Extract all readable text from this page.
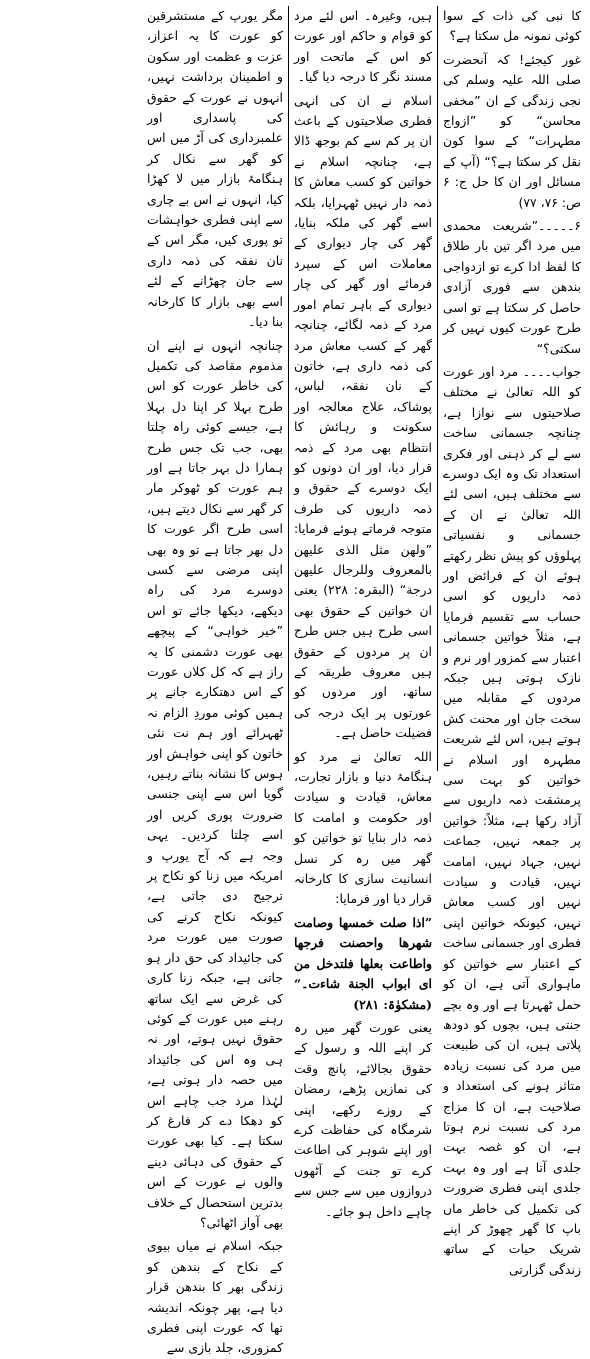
کا نبی کی ذات کے سوا کوئی نمونہ مل سکتا ہے؟

غور کیجئے! کہ آنحضرت صلی اللہ علیہ وسلم کی نجی زندگی کے ان ”مخفی محاسن“ کو ”ازواج مطہرات“ کے سوا کون نقل کر سکتا ہے؟“ (آپ کے مسائل اور ان کا حل ج: ۶ ص: ۷۶، ۷۷)

۶۔۔۔۔۔”شریعت محمدی میں مرد اگر تین بار طلاق کا لفظ ادا کرے تو ازدواجی بندھن سے فوری آزادی حاصل کر سکتا ہے تو اسی طرح عورت کیوں نہیں کر سکتی؟“

جواب۔۔۔۔ مرد اور عورت کو اللہ تعالیٰ نے مختلف صلاحیتوں سے نوازا ہے، چنانچہ جسمانی ساخت سے لے کر ذہنی اور فکری استعداد تک وہ ایک دوسرے سے مختلف ہیں، اسی لئے اللہ تعالیٰ نے ان کے جسمانی و نفسیاتی پہلوؤں کو پیش نظر رکھتے ہوئے ان کے فرائض اور ذمہ داریوں کو اسی حساب سے تقسیم فرمایا ہے، مثلاً خواتین جسمانی اعتبار سے کمزور اور نرم و نازک ہوتی ہیں جبکہ مردوں کے مقابلہ میں سخت جان اور محنت کش ہوتے ہیں، اس لئے شریعت مطہرہ اور اسلام نے خواتین کو بہت سی پرمشقت ذمہ داریوں سے آزاد رکھا ہے، مثلاً: خواتین پر جمعہ نہیں، جماعت نہیں، جہاد نہیں، امامت نہیں، قیادت و سیادت نہیں اور کسب معاش نہیں، کیونکہ خواتین اپنی فطری اور جسمانی ساخت کے اعتبار سے خواتین کو ماہواری آتی ہے، ان کو حمل ٹھہرتا ہے اور وہ بچے جنتی ہیں، بچوں کو دودھ پلاتی ہیں، ان کی طبیعت میں مرد کی نسبت زیادہ متاثر ہونے کی استعداد و صلاحیت ہے، ان کا مزاج مرد کی نسبت نرم ہوتا ہے، ان کو غصہ بہت جلدی آتا ہے اور وہ بہت جلدی اپنی فطری ضرورت کی تکمیل کی خاطر ماں باپ کا گھر چھوڑ کر اپنے شریک حیات کے ساتھ زندگی گزارتی

ہیں، وغیرہ۔ اس لئے مرد کو قوام و حاکم اور عورت کو اس کے ماتحت اور مسند نگر کا درجہ دیا گیا۔

اسلام نے ان کی انہی فطری صلاحیتوں کے باعث ان پر کم سے کم بوجھ ڈالا ہے، چنانچہ اسلام نے خواتین کو کسب معاش کا ذمہ دار نہیں ٹھہرایا، بلکہ اسے گھر کی ملکہ بنایا، گھر کی چار دیواری کے معاملات اس کے سپرد فرمائے اور گھر کی چار دیواری کے باہر تمام امور مرد کے ذمہ لگائے، چنانچہ گھر کے کسب معاش مرد کی ذمہ داری ہے، خاتون کے نان نفقہ، لباس، پوشاک، علاج معالجہ اور سکونت و رہائش کا انتظام بھی مرد کے ذمہ قرار دیا، اور ان دونوں کو ایک دوسرے کے حقوق و ذمہ داریوں کی طرف متوجہ فرماتے ہوئے فرمایا: ”ولهن مثل الذی علیهن بالمعروف وللرجال علیهن درجة“ (البقرہ: ۲۲۸) یعنی ان خواتین کے حقوق بھی اسی طرح ہیں جس طرح ان پر مردوں کے حقوق ہیں معروف طریقہ کے ساتھ، اور مردوں کو عورتوں پر ایک درجہ کی فضیلت حاصل ہے۔

اللہ تعالیٰ نے مرد کو ہنگامۂ دنیا و بازار تجارت، معاش، قیادت و سیادت اور حکومت و امامت کا ذمہ دار بنایا تو خواتین کو گھر میں رہ کر نسل انسانیت سازی کا کارخانہ قرار دیا اور فرمایا:

”اذا صلت خمسها وصامت شهرها واحصنت فرجها واطاعت بعلها فلتدخل من ای ابواب الجنة شاءت۔“ (مشکوٰۃ: ۲۸۱)

یعنی عورت گھر میں رہ کر اپنے اللہ و رسول کے حقوق بجالائے، پانچ وقت کی نمازیں پڑھے، رمضان کے روزے رکھے، اپنی شرمگاہ کی حفاظت کرے اور اپنے شوہر کی اطاعت کرے تو جنت کے آٹھوں دروازوں میں سے جس سے چاہے داخل ہو جائے۔

مگر یورپ کے مستشرقین کو عورت کا یہ اعزاز، عزت و عظمت اور سکون و اطمینان برداشت نہیں، انہوں نے عورت کے حقوق کی پاسداری اور علمبرداری کی آڑ میں اس کو گھر سے نکال کر ہنگامۂ بازار میں لا کھڑا کیا، انہوں نے اس بے چاری سے اپنی فطری خواہشات تو پوری کیں، مگر اس کے نان نفقہ کی ذمہ داری سے جان چھڑانے کے لئے اسے بھی بازار کا کارخانہ بنا دیا۔

چنانچہ انہوں نے اپنے ان مذموم مقاصد کی تکمیل کی خاطر عورت کو اس طرح بہلا کر اپنا دل بہلا ہے، جیسے کوئی راہ چلتا بھی، جب تک جس طرح ہمارا دل بہر جاتا ہے اور ہم عورت کو ٹھوکر مار کر گھر سے نکال دیتے ہیں، اسی طرح اگر عورت کا دل بھر جاتا ہے تو وہ بھی اپنی مرضی سے کسی دوسرے مرد کی راہ دیکھے، دیکھا جائے تو اس ”خیر خواہی“ کے پیچھے بھی عورت دشمنی کا یہ راز ہے کہ کل کلاں عورت کے اس دھتکارے جانے پر ہمیں کوئی موردِ الزام نہ ٹھہرائے اور ہم نت نئی خاتون کو اپنی خواہش اور ہوس کا نشانہ بناتے رہیں، گویا اس سے اپنی جنسی ضرورت پوری کریں اور اسے چلتا کردیں۔ یہی وجہ ہے کہ آج یورپ و امریکہ میں زنا کو نکاح پر ترجیح دی جاتی ہے، کیونکہ نکاح کرنے کی صورت میں عورت مرد کی جائیداد کی حق دار ہو جاتی ہے، جبکہ زنا کاری کی غرض سے ایک ساتھ رہنے میں عورت کے کوئی حقوق نہیں ہوتے، اور نہ ہی وہ اس کی جائیداد میں حصہ دار ہوتی ہے، لہٰذا مرد جب چاہے اس کو دھکا دے کر فارغ کر سکتا ہے۔ کیا بھی عورت کے حقوق کی دہائی دینے والوں نے عورت کے اس بدترین استحصال کے خلاف بھی آواز اٹھائی؟

جبکہ اسلام نے میاں بیوی کے نکاح کے بندھن کو زندگی بھر کا بندھن قرار دیا ہے، پھر چونکہ اندیشہ تھا کہ عورت اپنی فطری کمزوری، جلد بازی سے
